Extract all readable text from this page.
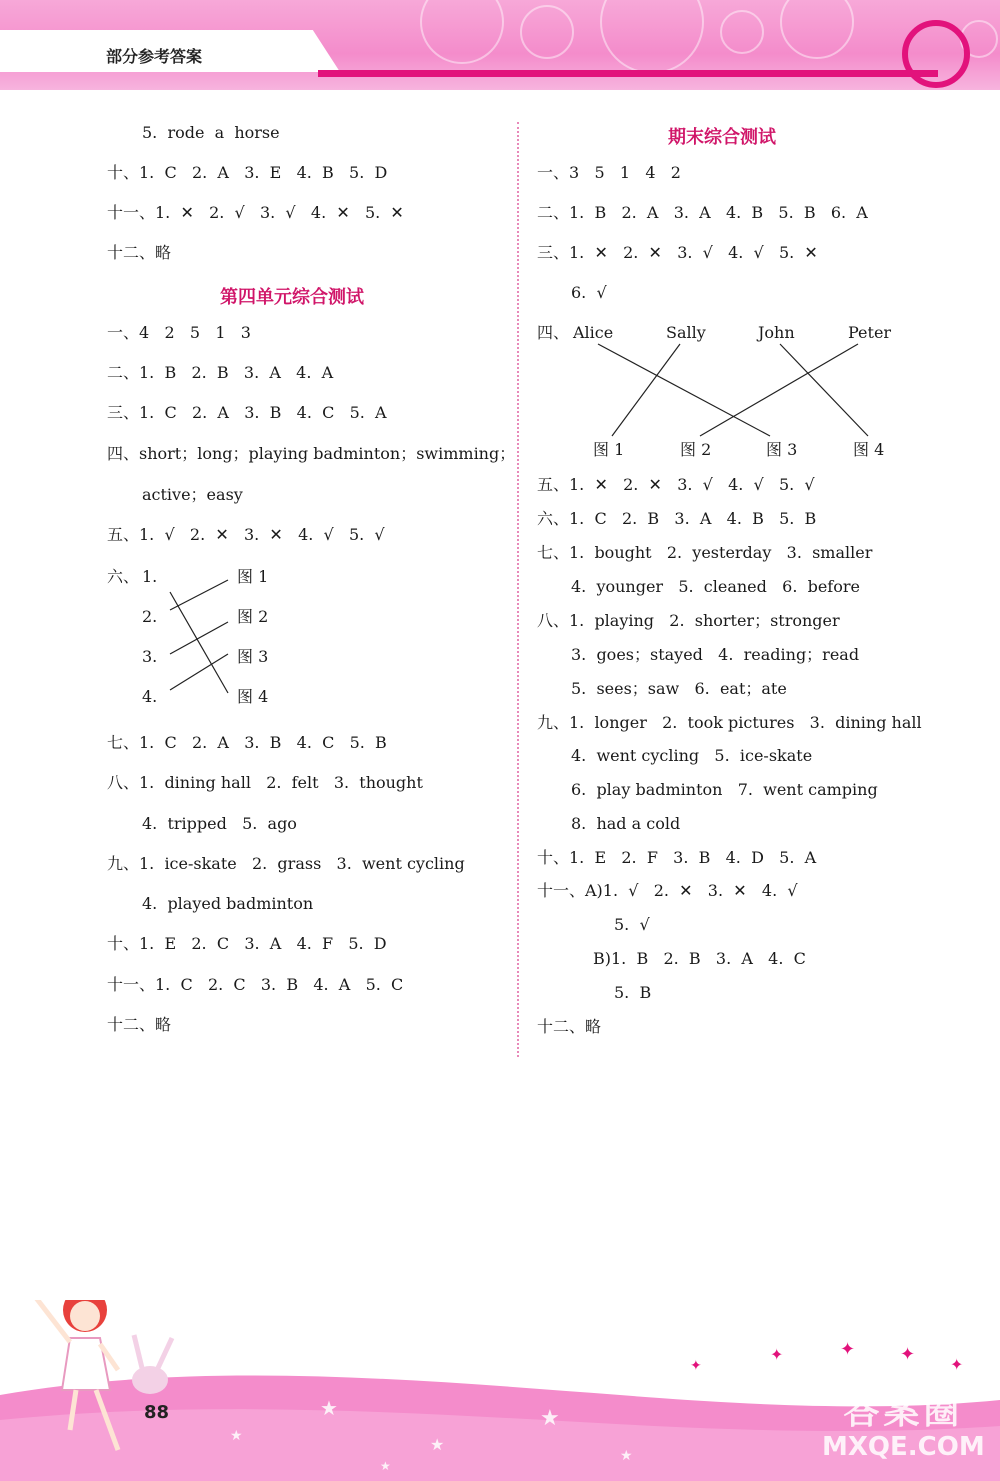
部分参考答案
5.  rode  a  horse
十、1.  C   2.  A   3.  E   4.  B   5.  D
十一、1.  ✕   2.  √   3.  √   4.  ✕   5.  ✕
十二、略
第四单元综合测试
一、4   2   5   1   3
二、1.  B   2.  B   3.  A   4.  A
三、1.  C   2.  A   3.  B   4.  C   5.  A
四、short；long；playing badminton；swimming；
active；easy
五、1.  √   2.  ✕   3.  ✕   4.  √   5.  √
六、 1.
2.
3.
4.
图 1
图 2
图 3
图 4
七、1.  C   2.  A   3.  B   4.  C   5.  B
八、1.  dining hall   2.  felt   3.  thought
4.  tripped   5.  ago
九、1.  ice-skate   2.  grass   3.  went cycling
4.  played badminton
十、1.  E   2.  C   3.  A   4.  F   5.  D
十一、1.  C   2.  C   3.  B   4.  A   5.  C
十二、略
期末综合测试
一、3   5   1   4   2
二、1.  B   2.  A   3.  A   4.  B   5.  B   6.  A
三、1.  ✕   2.  ✕   3.  √   4.  √   5.  ✕
6.  √
四、 Alice	Sally	John	Peter
图 1	图 2	图 3	图 4
五、1.  ✕   2.  ✕   3.  √   4.  √   5.  √
六、1.  C   2.  B   3.  A   4.  B   5.  B
七、1.  bought   2.  yesterday   3.  smaller
4.  younger   5.  cleaned   6.  before
八、1.  playing   2.  shorter；stronger
3.  goes；stayed   4.  reading；read
5.  sees；saw   6.  eat；ate
九、1.  longer   2.  took pictures   3.  dining hall
4.  went cycling   5.  ice-skate
6.  play badminton   7.  went camping
8.  had a cold
十、1.  E   2.  F   3.  B   4.  D   5.  A
十一、A)1.  √   2.  ✕   3.  ✕   4.  √
5.  √
B)1.  B   2.  B   3.  A   4.  C
5.  B
十二、略
★
★
★
★
★
★
✦
✦	✦ ✦ ✦
88	答案圈
MXQE.COM
